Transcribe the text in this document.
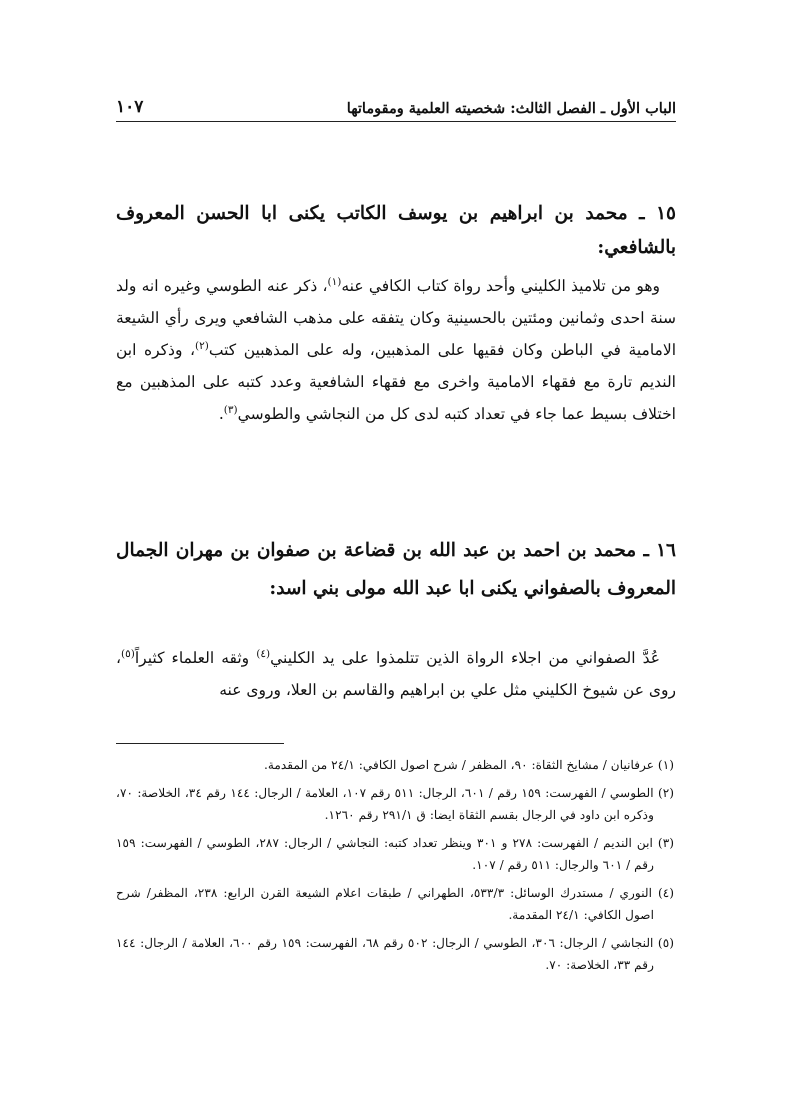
الباب الأول ـ الفصل الثالث: شخصيته العلمية ومقوماتها
١٠٧
١٥ ـ محمد بن ابراهيم بن يوسف الكاتب يكنى ابا الحسن المعروف بالشافعي:

وهو من تلاميذ الكليني وأحد رواة كتاب الكافي عنه$^{(١)}$، ذكر عنه الطوسي وغيره انه ولد سنة احدى وثمانين ومئتين بالحسينية وكان يتفقه على مذهب الشافعي ويرى رأي الشيعة الامامية في الباطن وكان فقيها على المذهبين، وله على المذهبين كتب$^{(٢)}$، وذكره ابن النديم تارة مع فقهاء الامامية واخرى مع فقهاء الشافعية وعدد كتبه على المذهبين مع اختلاف بسيط عما جاء في تعداد كتبه لدى كل من النجاشي والطوسي$^{(٣)}$.

١٦ ـ محمد بن احمد بن عبد الله بن قضاعة بن صفوان بن مهران الجمال المعروف بالصفواني يكنى ابا عبد الله مولى بني اسد:

عُدَّ الصفواني من اجلاء الرواة الذين تتلمذوا على يد الكليني$^{(٤)}$ وثقه العلماء كثيراً$^{(٥)}$، روى عن شيوخ الكليني مثل علي بن ابراهيم والقاسم بن العلا، وروى عنه

(١) عرفانيان / مشايخ الثقاة: ٩٠، المظفر / شرح اصول الكافي: ٢٤/١ من المقدمة.
(٢) الطوسي / الفهرست: ١٥٩ رقم / ٦٠١، الرجال: ٥١١ رقم ١٠٧، العلامة / الرجال: ١٤٤ رقم ٣٤، الخلاصة: ٧٠، وذكره ابن داود في الرجال بقسم الثقاة ايضا: ق ٢٩١/١ رقم ١٢٦٠.
(٣) ابن النديم / الفهرست: ٢٧٨ و ٣٠١ وينظر تعداد كتبه: النجاشي / الرجال: ٢٨٧، الطوسي / الفهرست: ١٥٩ رقم / ٦٠١ والرجال: ٥١١ رقم / ١٠٧.
(٤) النوري / مستدرك الوسائل: ٥٣٣/٣، الطهراني / طبقات اعلام الشيعة القرن الرابع: ٢٣٨، المظفر/ شرح اصول الكافي: ٢٤/١ المقدمة.
(٥) النجاشي / الرجال: ٣٠٦، الطوسي / الرجال: ٥٠٢ رقم ٦٨، الفهرست: ١٥٩ رقم ٦٠٠، العلامة / الرجال: ١٤٤ رقم ٣٣، الخلاصة: ٧٠.
